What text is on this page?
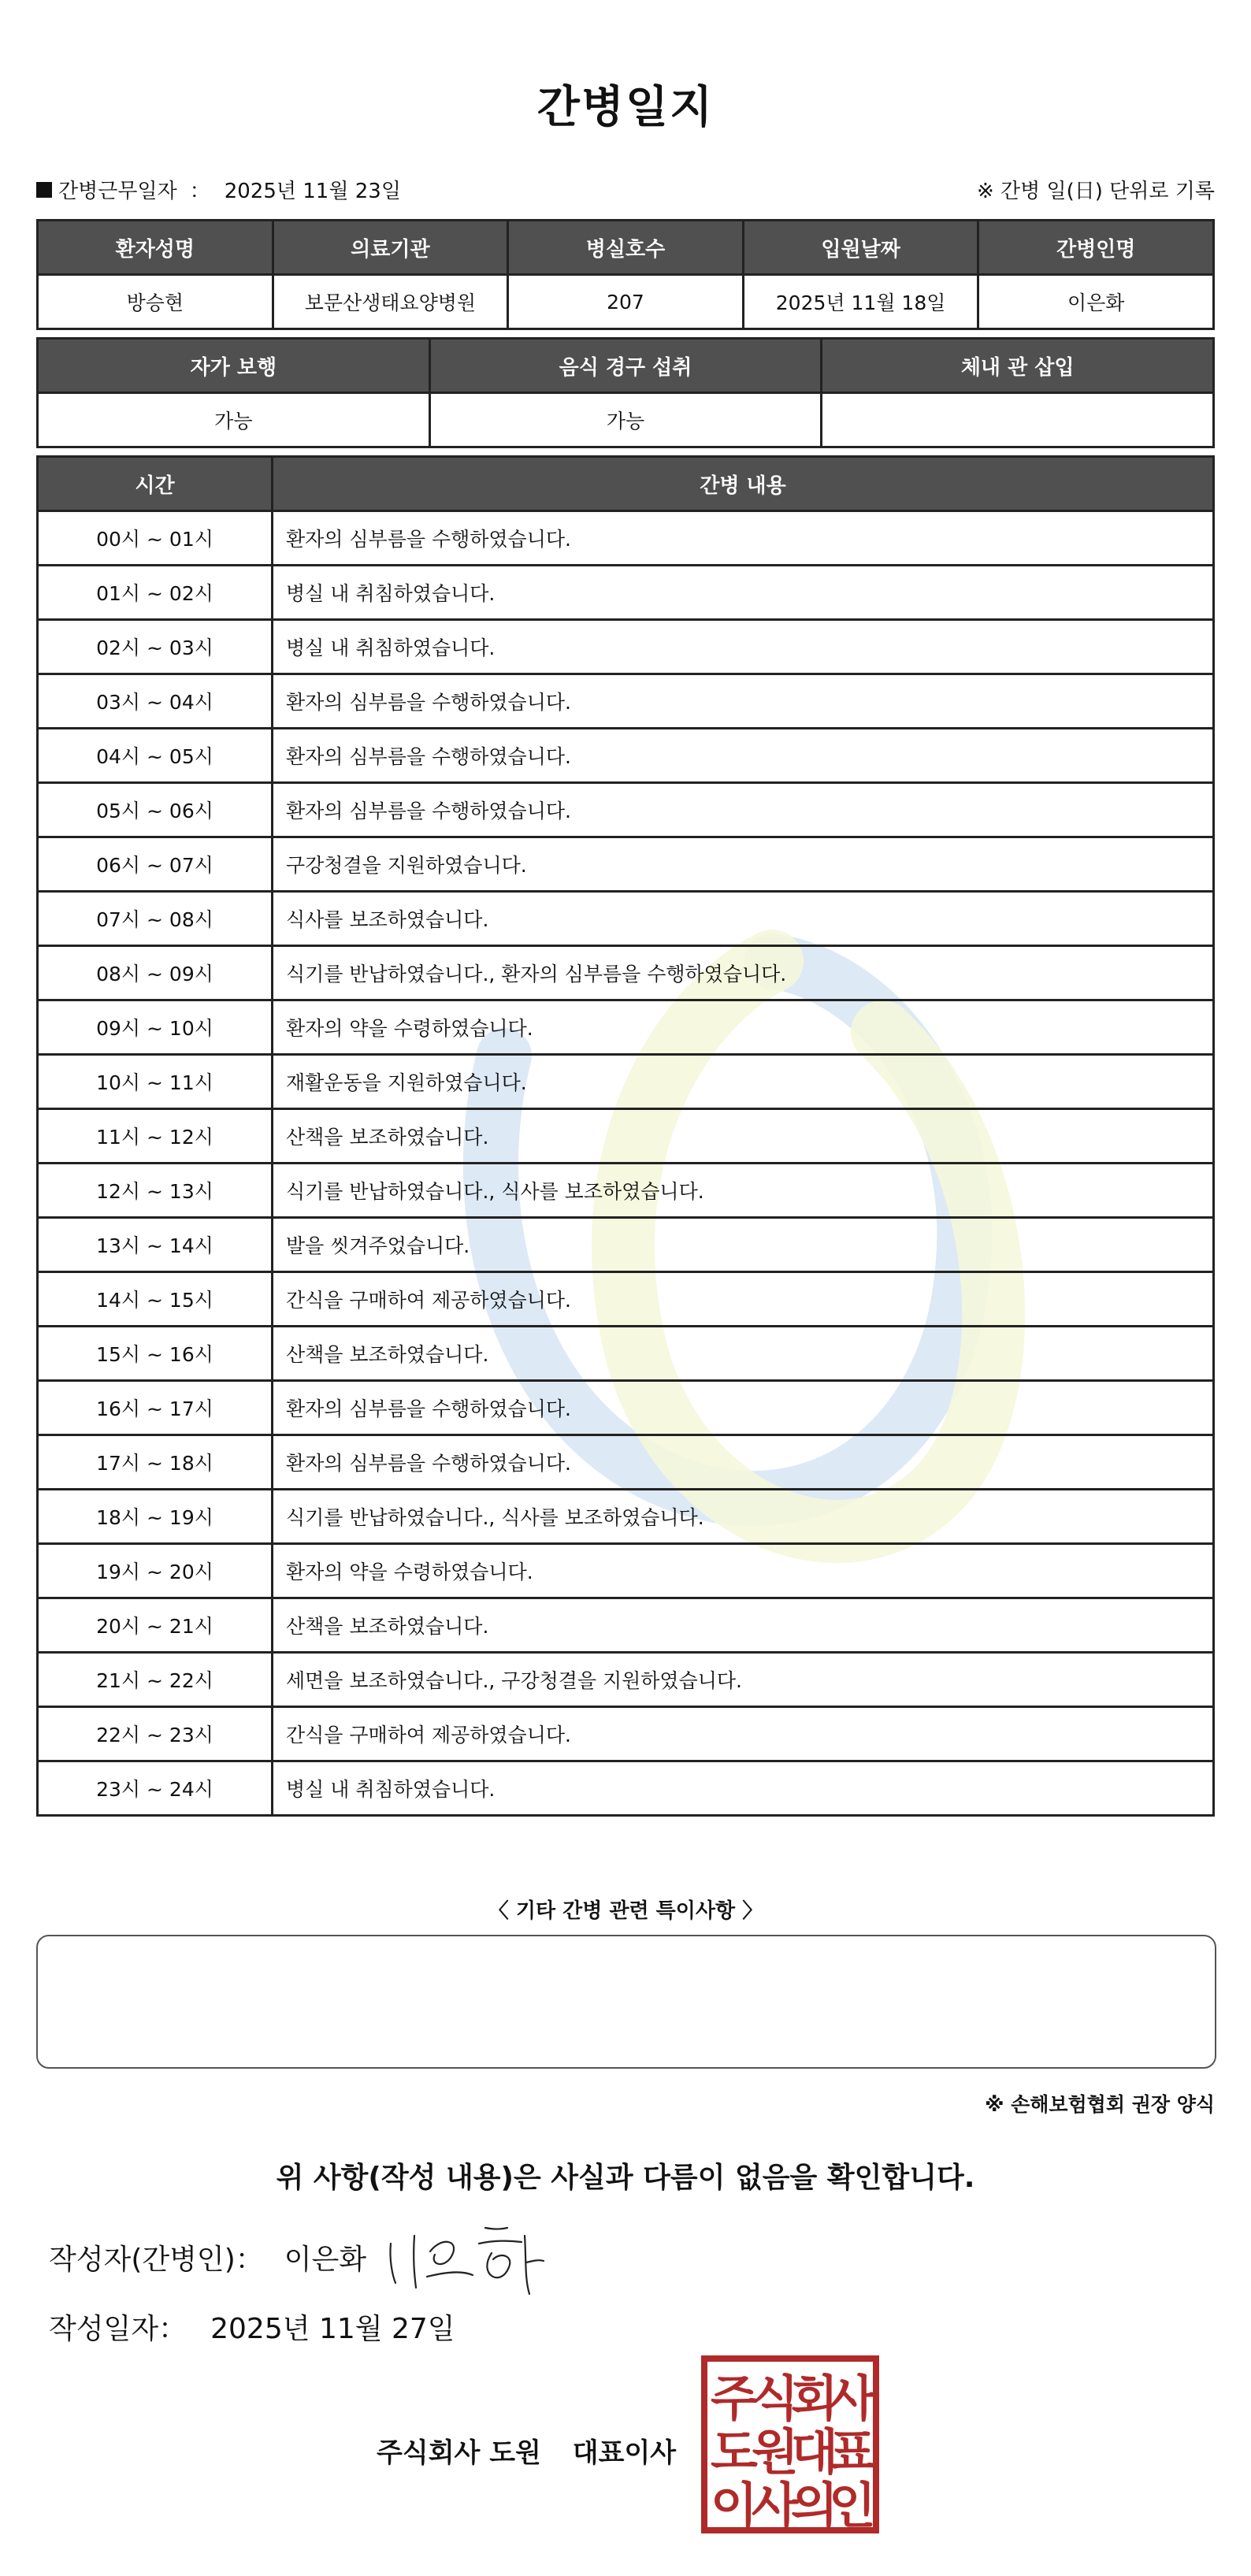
간병일지
간병근무일자 ： 2025년 11월 23일	※ 간병 일(日) 단위로 기록
환자성명	의료기관	병실호수	입원날짜	간병인명
방승현	보문산생태요양병원	207	2025년 11월 18일	이은화
자가 보행	음식 경구 섭취	체내 관 삽입
가능	가능	
시간	간병 내용
00시 ~ 01시	환자의 심부름을 수행하였습니다.
01시 ~ 02시	병실 내 취침하였습니다.
02시 ~ 03시	병실 내 취침하였습니다.
03시 ~ 04시	환자의 심부름을 수행하였습니다.
04시 ~ 05시	환자의 심부름을 수행하였습니다.
05시 ~ 06시	환자의 심부름을 수행하였습니다.
06시 ~ 07시	구강청결을 지원하였습니다.
07시 ~ 08시	식사를 보조하였습니다.
08시 ~ 09시	식기를 반납하였습니다., 환자의 심부름을 수행하였습니다.
09시 ~ 10시	환자의 약을 수령하였습니다.
10시 ~ 11시	재활운동을 지원하였습니다.
11시 ~ 12시	산책을 보조하였습니다.
12시 ~ 13시	식기를 반납하였습니다., 식사를 보조하였습니다.
13시 ~ 14시	발을 씻겨주었습니다.
14시 ~ 15시	간식을 구매하여 제공하였습니다.
15시 ~ 16시	산책을 보조하였습니다.
16시 ~ 17시	환자의 심부름을 수행하였습니다.
17시 ~ 18시	환자의 심부름을 수행하였습니다.
18시 ~ 19시	식기를 반납하였습니다., 식사를 보조하였습니다.
19시 ~ 20시	환자의 약을 수령하였습니다.
20시 ~ 21시	산책을 보조하였습니다.
21시 ~ 22시	세면을 보조하였습니다., 구강청결을 지원하였습니다.
22시 ~ 23시	간식을 구매하여 제공하였습니다.
23시 ~ 24시	병실 내 취침하였습니다.
〈 기타 간병 관련 특이사항 〉
※ 손해보험협회 권장 양식
위 사항(작성 내용)은 사실과 다름이 없음을 확인합니다.
작성자(간병인)： 이은화
작성일자： 2025년 11월 27일
주식회사 도원 대표이사
주
식
회
사
도
원
대
표
이
사
의
인
